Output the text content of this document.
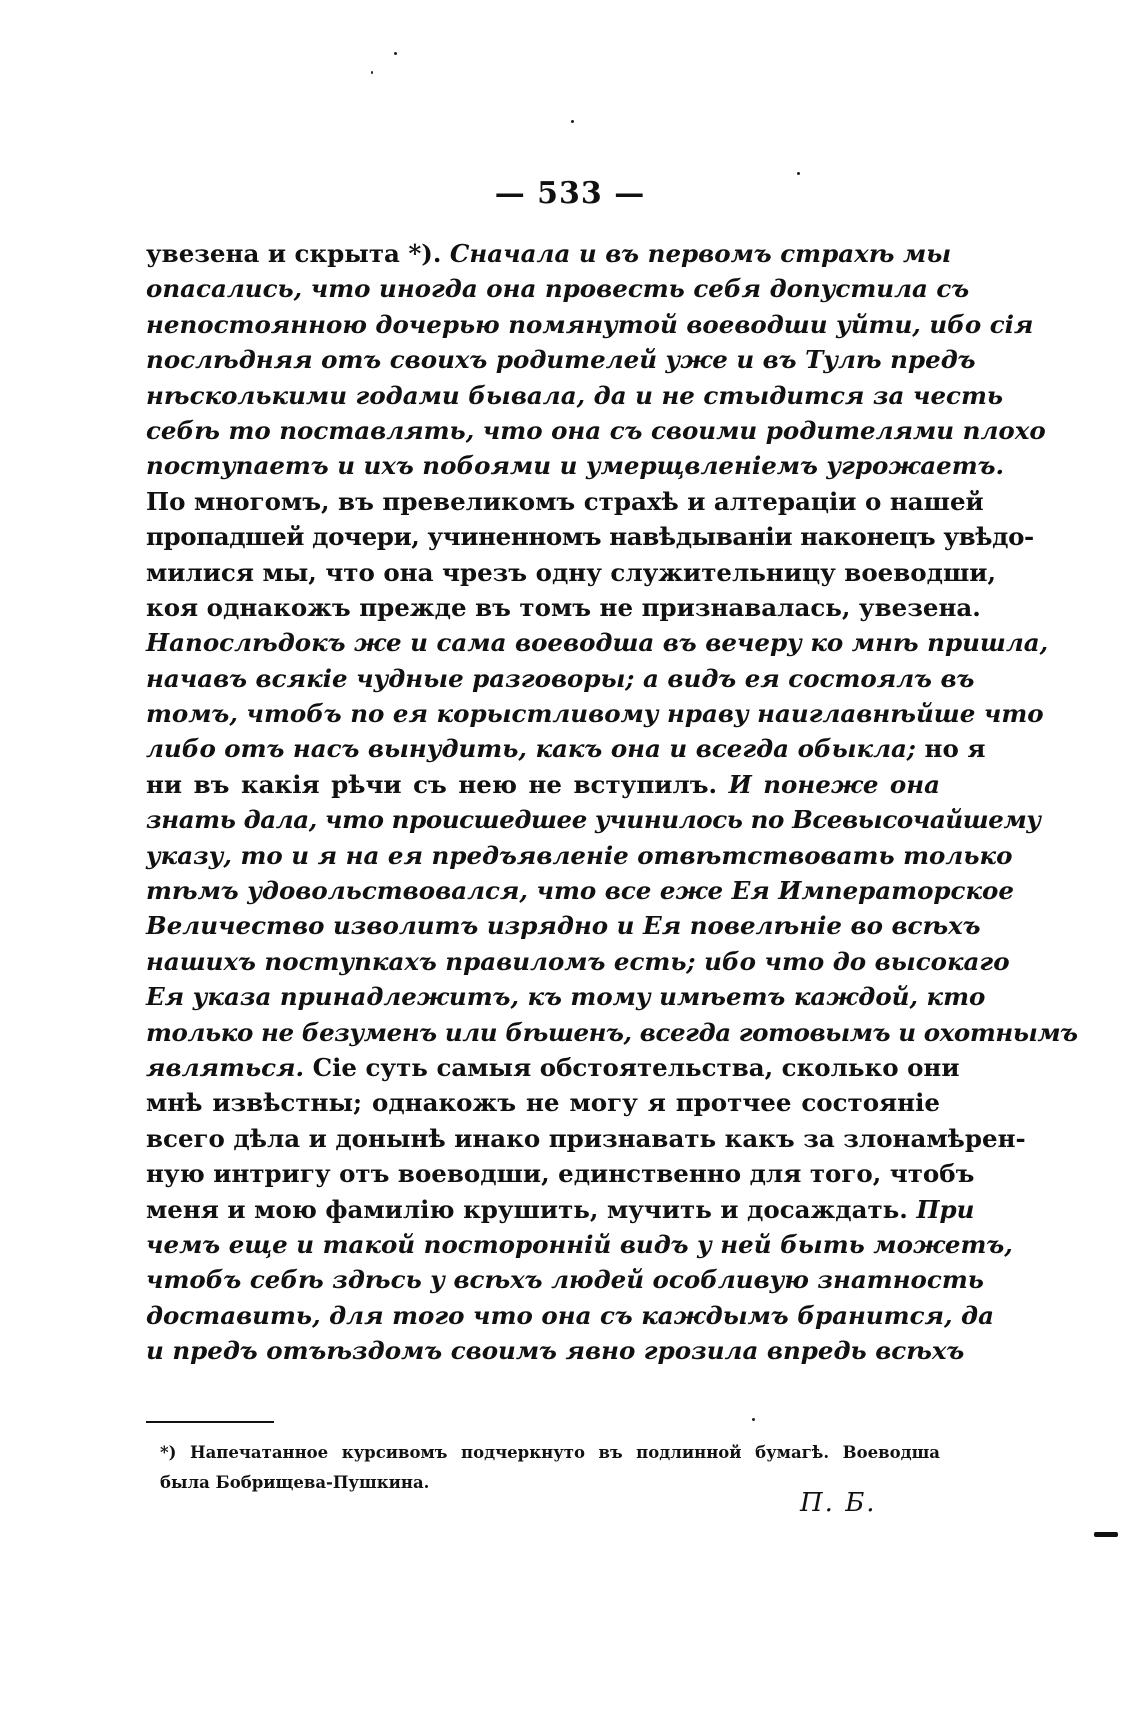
— 533 —
увезена и скрыта *). Сначала и въ первомъ страхѣ мы
опасались, что иногда она провесть себя допустила съ
непостоянною дочерью помянутой воеводши уйти, ибо сія
послѣдняя отъ своихъ родителей уже и въ Тулѣ предъ
нѣсколькими годами бывала, да и не стыдится за честь
себѣ то поставлять, что она съ своими родителями плохо
поступаетъ и ихъ побоями и умерщвленіемъ угрожаетъ.
По многомъ, въ превеликомъ страхѣ и алтераціи о нашей
пропадшей дочери, учиненномъ навѣдываніи наконецъ увѣдо-
милися мы, что она чрезъ одну служительницу воеводши,
коя однакожъ прежде въ томъ не признавалась, увезена.
Напослѣдокъ же и сама воеводша въ вечеру ко мнѣ пришла,
начавъ всякіе чудные разговоры; а видъ ея состоялъ въ
томъ, чтобъ по ея корыстливому нраву наиглавнѣйше что
либо отъ насъ вынудить, какъ она и всегда обыкла; но я
ни въ какія рѣчи съ нею не вступилъ. И понеже она
знать дала, что происшедшее учинилось по Всевысочайшему
указу, то и я на ея предъявленіе отвѣтствовать только
тѣмъ удовольствовался, что все еже Ея Императорское
Величество изволитъ изрядно и Ея повелѣніе во всѣхъ
нашихъ поступкахъ правиломъ есть; ибо что до высокаго
Ея указа принадлежитъ, къ тому имѣетъ каждой, кто
только не безуменъ или бѣшенъ, всегда готовымъ и охотнымъ
являться. Сіе суть самыя обстоятельства, сколько они
мнѣ извѣстны; однакожъ не могу я протчее состояніе
всего дѣла и донынѣ инако признавать какъ за злонамѣрен-
ную интригу отъ воеводши, единственно для того, чтобъ
меня и мою фамилію крушить, мучить и досаждать. При
чемъ еще и такой посторонній видъ у ней быть можетъ,
чтобъ себѣ здѣсь у всѣхъ людей особливую знатность
доставить, для того что она съ каждымъ бранится, да
и предъ отъѣздомъ своимъ явно грозила впредь всѣхъ
*) Напечатанное курсивомъ подчеркнуто въ подлинной бумагѣ. Воеводша
была Бобрищева-Пушкина.
П. Б.
